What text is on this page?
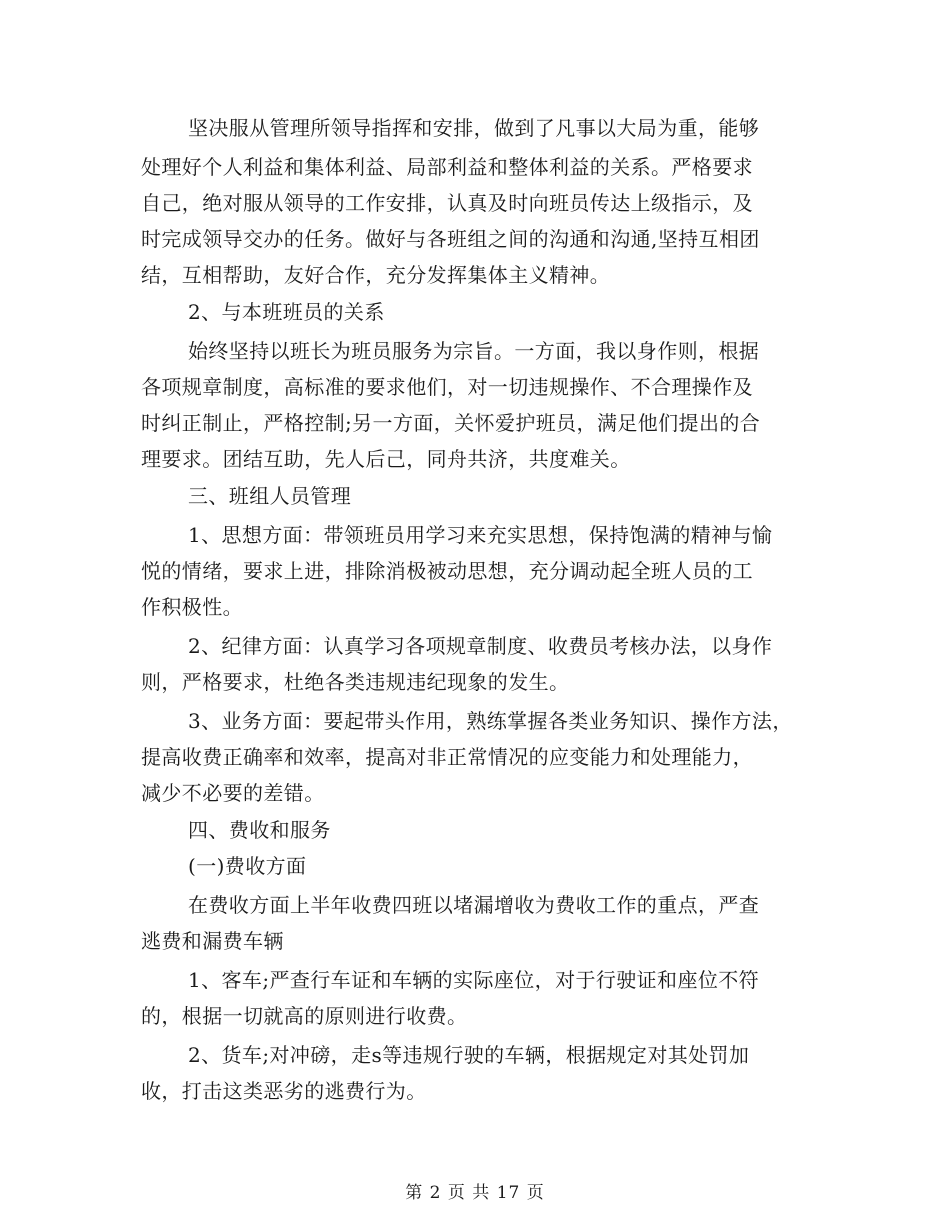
坚决服从管理所领导指挥和安排，做到了凡事以大局为重，能够
处理好个人利益和集体利益、局部利益和整体利益的关系。严格要求
自己，绝对服从领导的工作安排，认真及时向班员传达上级指示，及
时完成领导交办的任务。做好与各班组之间的沟通和沟通,坚持互相团
结，互相帮助，友好合作，充分发挥集体主义精神。
2、与本班班员的关系
始终坚持以班长为班员服务为宗旨。一方面，我以身作则，根据
各项规章制度，高标准的要求他们，对一切违规操作、不合理操作及
时纠正制止，严格控制;另一方面，关怀爱护班员，满足他们提出的合
理要求。团结互助，先人后己，同舟共济，共度难关。
三、班组人员管理
1、思想方面：带领班员用学习来充实思想，保持饱满的精神与愉
悦的情绪，要求上进，排除消极被动思想，充分调动起全班人员的工
作积极性。
2、纪律方面：认真学习各项规章制度、收费员考核办法，以身作
则，严格要求，杜绝各类违规违纪现象的发生。
3、业务方面：要起带头作用，熟练掌握各类业务知识、操作方法，
提高收费正确率和效率，提高对非正常情况的应变能力和处理能力，
减少不必要的差错。
四、费收和服务
(一)费收方面
在费收方面上半年收费四班以堵漏增收为费收工作的重点，严查
逃费和漏费车辆
1、客车;严查行车证和车辆的实际座位，对于行驶证和座位不符
的，根据一切就高的原则进行收费。
2、货车;对冲磅，走s等违规行驶的车辆，根据规定对其处罚加
收，打击这类恶劣的逃费行为。
第 2 页 共 17 页
